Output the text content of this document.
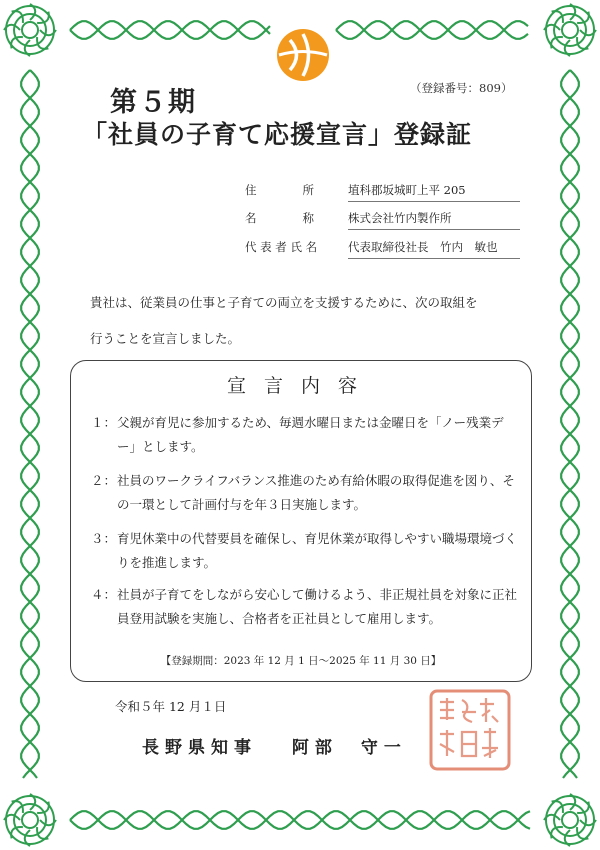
第５期	（登録番号：809）
「社員の子育て応援宣言」登録証
住　　　　所	埴科郡坂城町上平 205
名　　　　称	株式会社竹内製作所
代 表 者 氏 名	代表取締役社長　竹内　敏也
貴社は、従業員の仕事と子育ての両立を支援するために、次の取組を
行うことを宣言しました。
宣言内容
１： 父親が育児に参加するため、毎週水曜日または金曜日を「ノー残業デー」とします。
２： 社員のワークライフバランス推進のため有給休暇の取得促進を図り、その一環として計画付与を年３日実施します。
３： 育児休業中の代替要員を確保し、育児休業が取得しやすい職場環境づくりを推進します。
４： 社員が子育てをしながら安心して働けるよう、非正規社員を対象に正社員登用試験を実施し、合格者を正社員として雇用します。
【登録期間：2023 年 12 月 1 日～2025 年 11 月 30 日】
令和５年 12 月１日
長野県知事　 阿部　守一
